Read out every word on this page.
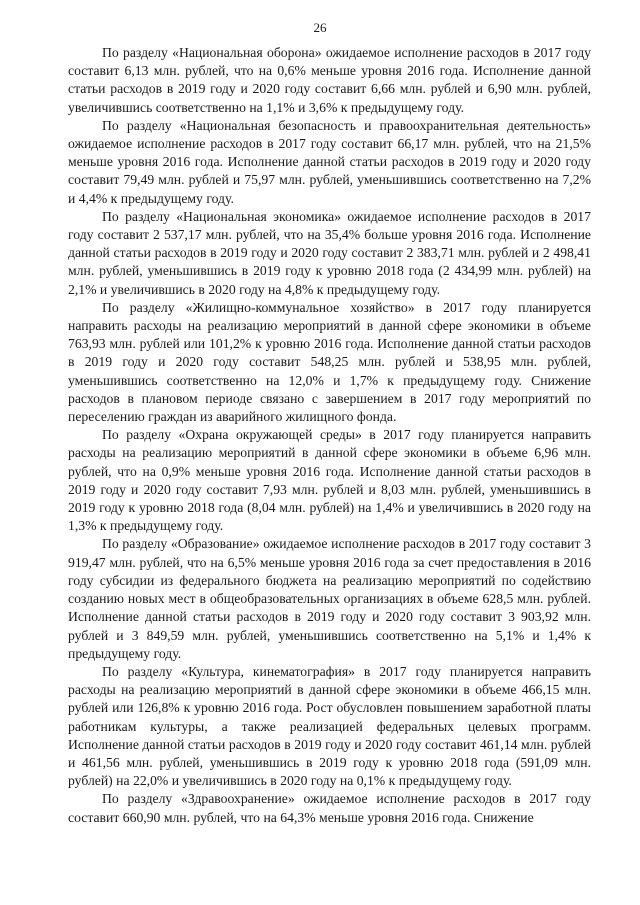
26

По разделу «Национальная оборона» ожидаемое исполнение расходов в 2017 году составит 6,13 млн. рублей, что на 0,6% меньше уровня 2016 года. Исполнение данной статьи расходов в 2019 году и 2020 году составит 6,66 млн. рублей и 6,90 млн. рублей, увеличившись соответственно на 1,1% и 3,6% к предыдущему году.

По разделу «Национальная безопасность и правоохранительная деятельность» ожидаемое исполнение расходов в 2017 году составит 66,17 млн. рублей, что на 21,5% меньше уровня 2016 года. Исполнение данной статьи расходов в 2019 году и 2020 году составит 79,49 млн. рублей и 75,97 млн. рублей, уменьшившись соответственно на 7,2% и 4,4% к предыдущему году.

По разделу «Национальная экономика» ожидаемое исполнение расходов в 2017 году составит 2 537,17 млн. рублей, что на 35,4% больше уровня 2016 года. Исполнение данной статьи расходов в 2019 году и 2020 году составит 2 383,71 млн. рублей и 2 498,41 млн. рублей, уменьшившись в 2019 году к уровню 2018 года (2 434,99 млн. рублей) на 2,1% и увеличившись в 2020 году на 4,8% к предыдущему году.

По разделу «Жилищно-коммунальное хозяйство» в 2017 году планируется направить расходы на реализацию мероприятий в данной сфере экономики в объеме 763,93 млн. рублей или 101,2% к уровню 2016 года. Исполнение данной статьи расходов в 2019 году и 2020 году составит 548,25 млн. рублей и 538,95 млн. рублей, уменьшившись соответственно на 12,0% и 1,7% к предыдущему году. Снижение расходов в плановом периоде связано с завершением в 2017 году мероприятий по переселению граждан из аварийного жилищного фонда.

По разделу «Охрана окружающей среды» в 2017 году планируется направить расходы на реализацию мероприятий в данной сфере экономики в объеме 6,96 млн. рублей, что на 0,9% меньше уровня 2016 года. Исполнение данной статьи расходов в 2019 году и 2020 году составит 7,93 млн. рублей и 8,03 млн. рублей, уменьшившись в 2019 году к уровню 2018 года (8,04 млн. рублей) на 1,4% и увеличившись в 2020 году на 1,3% к предыдущему году.

По разделу «Образование» ожидаемое исполнение расходов в 2017 году составит 3 919,47 млн. рублей, что на 6,5% меньше уровня 2016 года за счет предоставления в 2016 году субсидии из федерального бюджета на реализацию мероприятий по содействию созданию новых мест в общеобразовательных организациях в объеме 628,5 млн. рублей. Исполнение данной статьи расходов в 2019 году и 2020 году составит 3 903,92 млн. рублей и 3 849,59 млн. рублей, уменьшившись соответственно на 5,1% и 1,4% к предыдущему году.

По разделу «Культура, кинематография» в 2017 году планируется направить расходы на реализацию мероприятий в данной сфере экономики в объеме 466,15 млн. рублей или 126,8% к уровню 2016 года. Рост обусловлен повышением заработной платы работникам культуры, а также реализацией федеральных целевых программ. Исполнение данной статьи расходов в 2019 году и 2020 году составит 461,14 млн. рублей и 461,56 млн. рублей, уменьшившись в 2019 году к уровню 2018 года (591,09 млн. рублей) на 22,0% и увеличившись в 2020 году на 0,1% к предыдущему году.

По разделу «Здравоохранение» ожидаемое исполнение расходов в 2017 году составит 660,90 млн. рублей, что на 64,3% меньше уровня 2016 года. Снижение
